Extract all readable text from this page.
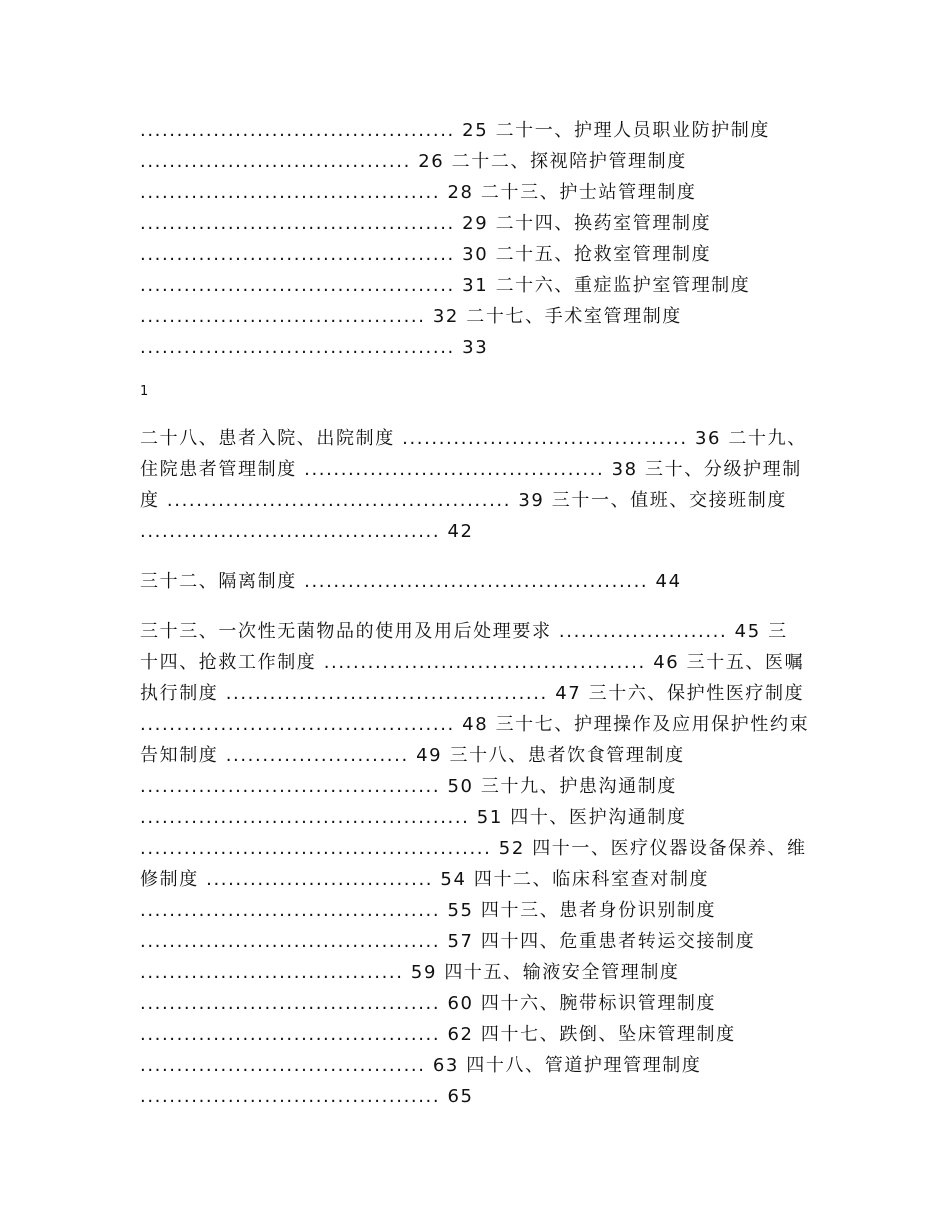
........................................... 25 二十一、护理人员职业防护制度
..................................... 26 二十二、探视陪护管理制度
......................................... 28 二十三、护士站管理制度
........................................... 29 二十四、换药室管理制度
........................................... 30 二十五、抢救室管理制度
........................................... 31 二十六、重症监护室管理制度
....................................... 32 二十七、手术室管理制度
........................................... 33
1
二十八、患者入院、出院制度 ....................................... 36 二十九、
住院患者管理制度 ......................................... 38 三十、分级护理制
度 ............................................... 39 三十一、值班、交接班制度
......................................... 42
三十二、隔离制度 ............................................... 44
三十三、一次性无菌物品的使用及用后处理要求 ....................... 45 三
十四、抢救工作制度 ............................................ 46 三十五、医嘱
执行制度 ............................................ 47 三十六、保护性医疗制度
........................................... 48 三十七、护理操作及应用保护性约束
告知制度 ......................... 49 三十八、患者饮食管理制度
......................................... 50 三十九、护患沟通制度
............................................. 51 四十、医护沟通制度
................................................ 52 四十一、医疗仪器设备保养、维
修制度 ............................... 54 四十二、临床科室查对制度
......................................... 55 四十三、患者身份识别制度
......................................... 57 四十四、危重患者转运交接制度
.................................... 59 四十五、输液安全管理制度
......................................... 60 四十六、腕带标识管理制度
......................................... 62 四十七、跌倒、坠床管理制度
....................................... 63 四十八、管道护理管理制度
......................................... 65
